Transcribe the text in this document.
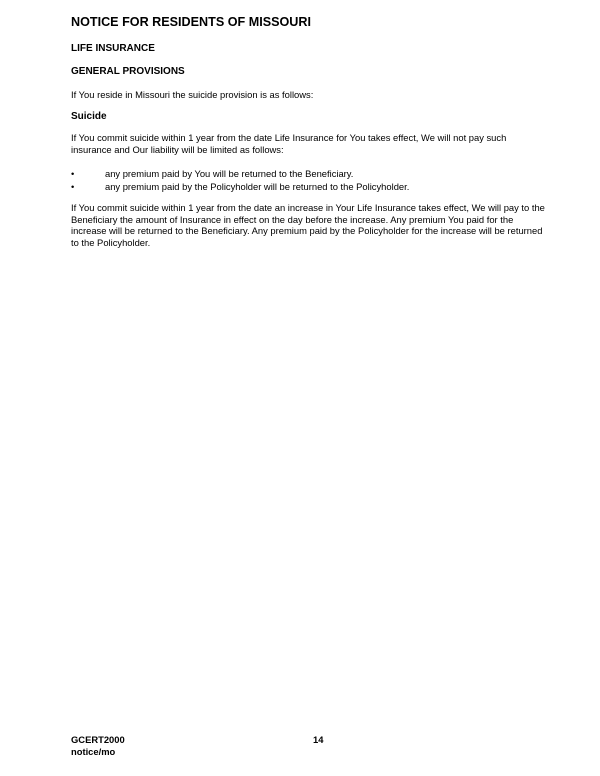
NOTICE FOR RESIDENTS OF MISSOURI
LIFE INSURANCE
GENERAL PROVISIONS

If You reside in Missouri the suicide provision is as follows:

Suicide

If You commit suicide within 1 year from the date Life Insurance for You takes effect, We will not pay such insurance and Our liability will be limited as follows:

•	any premium paid by You will be returned to the Beneficiary.
•	any premium paid by the Policyholder will be returned to the Policyholder.

If You commit suicide within 1 year from the date an increase in Your Life Insurance takes effect, We will pay to the Beneficiary the amount of Insurance in effect on the day before the increase. Any premium You paid for the increase will be returned to the Beneficiary. Any premium paid by the Policyholder for the increase will be returned to the Policyholder.

GCERT2000
notice/mo
14
